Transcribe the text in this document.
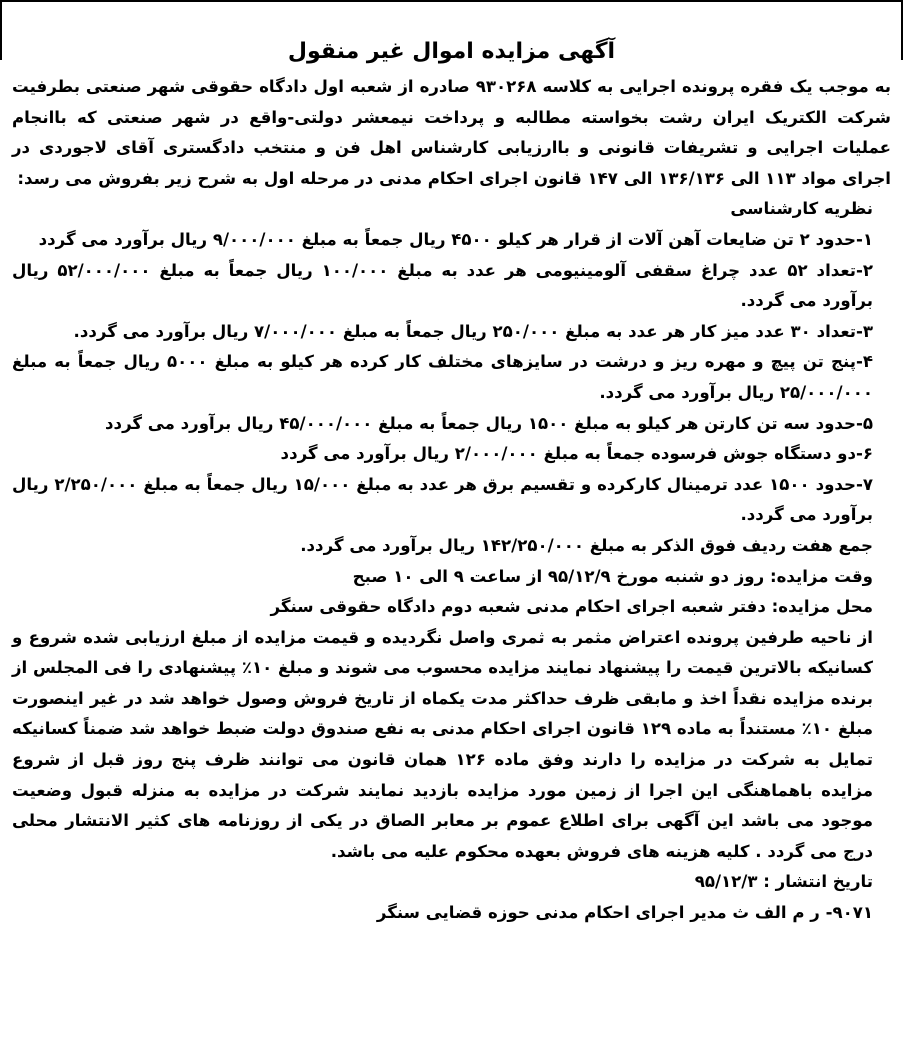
آگهی مزایده اموال غیر منقول

به موجب یک فقره پرونده اجرایی به کلاسه ۹۳۰۲۶۸ صادره از شعبه اول دادگاه حقوقی شهر صنعتی بطرفیت شرکت الکتریک ایران رشت بخواسته مطالبه و پرداخت نیمعشر دولتی-واقع در شهر صنعتی که باانجام عملیات اجرایی و تشریفات قانونی و باارزیابی کارشناس اهل فن و منتخب دادگستری آقای لاجوردی در اجرای مواد ۱۱۳ الی ۱۳۶/۱۳۶ الی ۱۴۷ قانون اجرای احکام مدنی در مرحله اول به شرح زیر بفروش می رسد:

نظریه کارشناسی

۱-حدود ۲ تن ضایعات آهن آلات از قرار هر کیلو ۴۵۰۰ ریال جمعاً به مبلغ ۹/۰۰۰/۰۰۰ ریال برآورد می گردد

۲-تعداد ۵۲ عدد چراغ سقفی آلومینیومی هر عدد به مبلغ ۱۰۰/۰۰۰ ریال جمعاً به مبلغ ۵۲/۰۰۰/۰۰۰ ریال برآورد می گردد.

۳-تعداد ۳۰ عدد میز کار هر عدد به مبلغ ۲۵۰/۰۰۰ ریال جمعاً به مبلغ ۷/۰۰۰/۰۰۰ ریال برآورد می گردد.

۴-پنج تن پیچ و مهره ریز و درشت در سایزهای مختلف کار کرده هر کیلو به مبلغ ۵۰۰۰ ریال جمعاً به مبلغ ۲۵/۰۰۰/۰۰۰ ریال برآورد می گردد.

۵-حدود سه تن کارتن هر کیلو به مبلغ ۱۵۰۰ ریال جمعاً به مبلغ ۴۵/۰۰۰/۰۰۰ ریال برآورد می گردد

۶-دو دستگاه جوش فرسوده جمعاً به مبلغ ۲/۰۰۰/۰۰۰ ریال برآورد می گردد

۷-حدود ۱۵۰۰ عدد ترمینال کارکرده و تقسیم برق هر عدد به مبلغ ۱۵/۰۰۰ ریال جمعاً به مبلغ ۲/۲۵۰/۰۰۰ ریال برآورد می گردد.

جمع هفت ردیف فوق الذکر به مبلغ ۱۴۲/۲۵۰/۰۰۰ ریال برآورد می گردد.

وقت مزایده: روز دو شنبه مورخ ۹۵/۱۲/۹ از ساعت ۹ الی ۱۰ صبح

محل مزایده: دفتر شعبه اجرای احکام مدنی شعبه دوم دادگاه حقوقی سنگر

از ناحیه طرفین پرونده اعتراض مثمر به ثمری واصل نگردیده و قیمت مزایده از مبلغ ارزیابی شده شروع و کسانیکه بالاترین قیمت را پیشنهاد نمایند مزایده محسوب می شوند و مبلغ ۱۰٪ پیشنهادی را فی المجلس از برنده مزایده نقداً اخذ و مابقی ظرف حداکثر مدت یکماه از تاریخ فروش وصول خواهد شد در غیر اینصورت مبلغ ۱۰٪ مستنداً به ماده ۱۲۹ قانون اجرای احکام مدنی به نفع صندوق دولت ضبط خواهد شد ضمناً کسانیکه تمایل به شرکت در مزایده را دارند وفق ماده ۱۲۶ همان قانون می توانند ظرف پنج روز قبل از شروع مزایده باهماهنگی این اجرا از زمین مورد مزایده بازدید نمایند شرکت در مزایده به منزله قبول وضعیت موجود می باشد این آگهی برای اطلاع عموم بر معابر الصاق در یکی از روزنامه های کثیر الانتشار محلی درج می گردد . کلیه هزینه های فروش بعهده محکوم علیه می باشد.

تاریخ انتشار : ۹۵/۱۲/۳

۹۰۷۱- ر م الف ث مدیر اجرای احکام مدنی حوزه قضایی سنگر
